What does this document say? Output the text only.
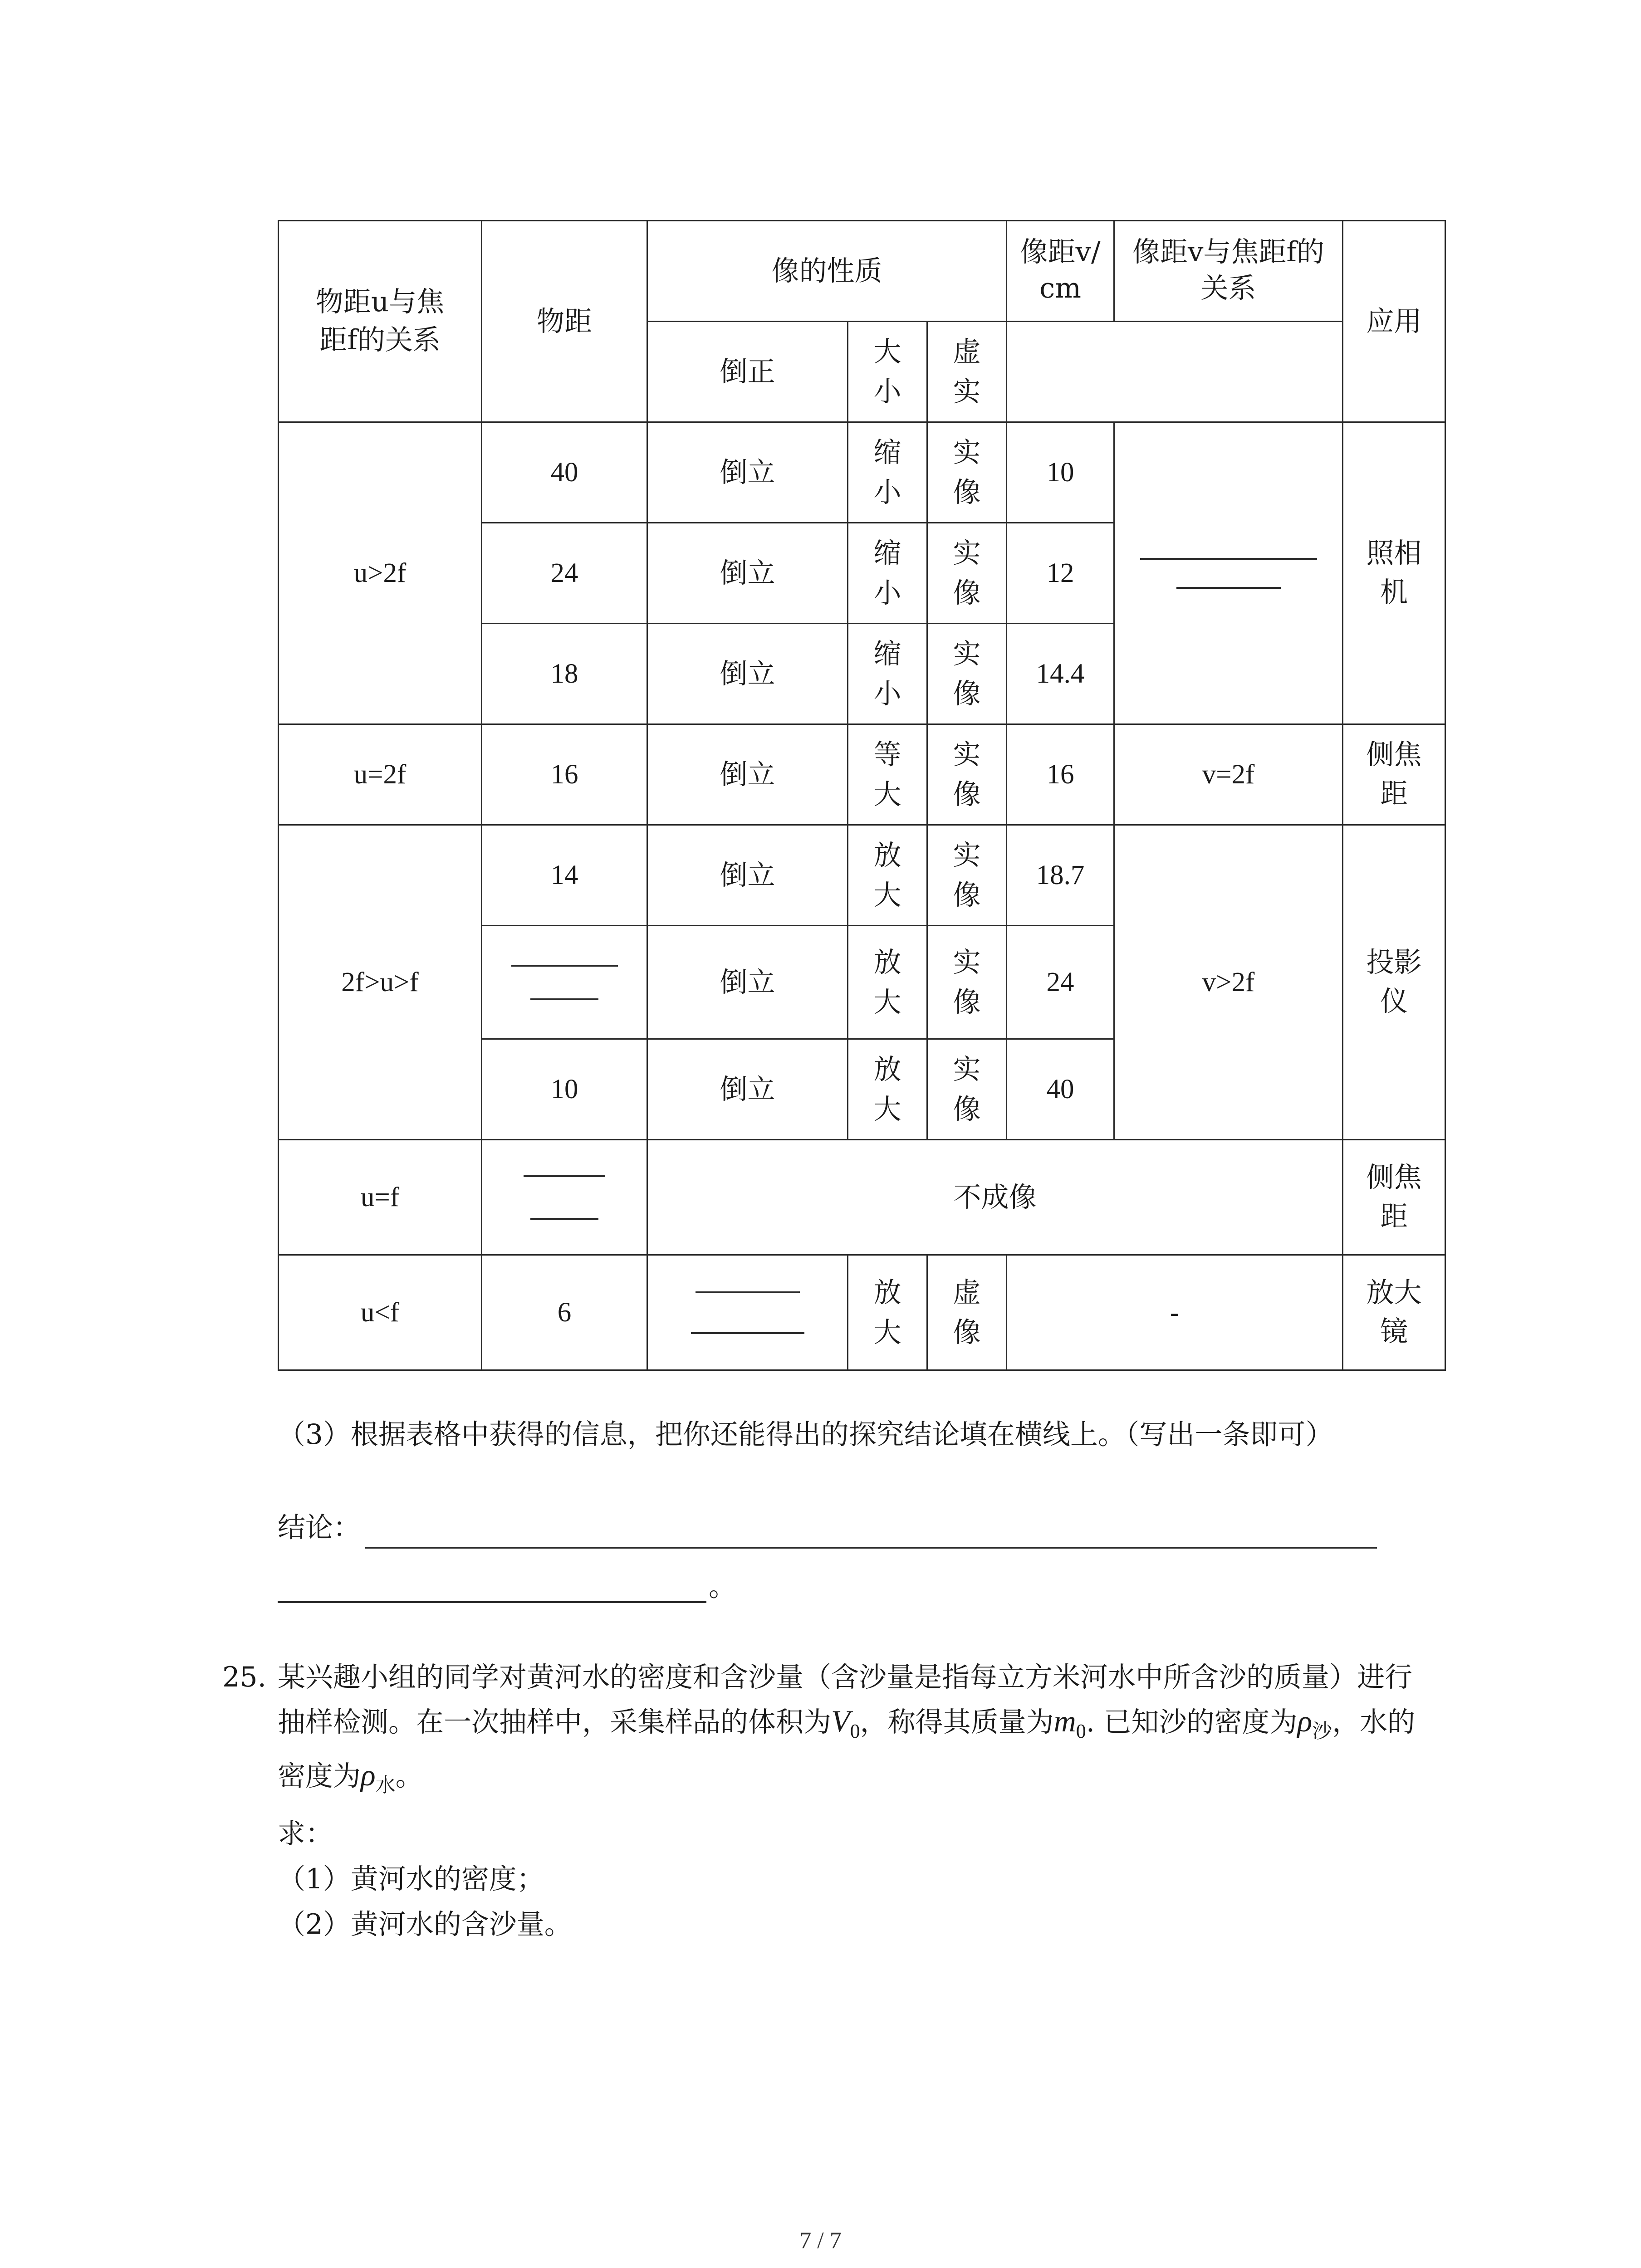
物距u与焦距f的关系	物距	像的性质			像距v/cm	像距v与焦距f的关系	应用
		倒正	大小	虚实			
u>2f	40	倒立	缩小	实像	10		照相机
	24	倒立	缩小	实像	12		
	18	倒立	缩小	实像	14.4		
u=2f	16	倒立	等大	实像	16	v=2f	侧焦距
2f>u>f	14	倒立	放大	实像	18.7	v>2f	投影仪

		倒立	放大	实像	24		
	10	倒立	放大	实像	40		
u=f		不成像					侧焦距
u<f	6		放大	虚像	-		放大镜

（3）根据表格中获得的信息，把你还能得出的探究结论填在横线上。（写出一条即可）

结论：

。

25. 某兴趣小组的同学对黄河水的密度和含沙量（含沙量是指每立方米河水中所含沙的质量）进行抽样检测。在一次抽样中，采集样品的体积为$V_0$，称得其质量为$m_0$. 已知沙的密度为$\rho_沙$，水的密度为$\rho_水$。

求：

（1）黄河水的密度；

（2）黄河水的含沙量。

7 / 7
